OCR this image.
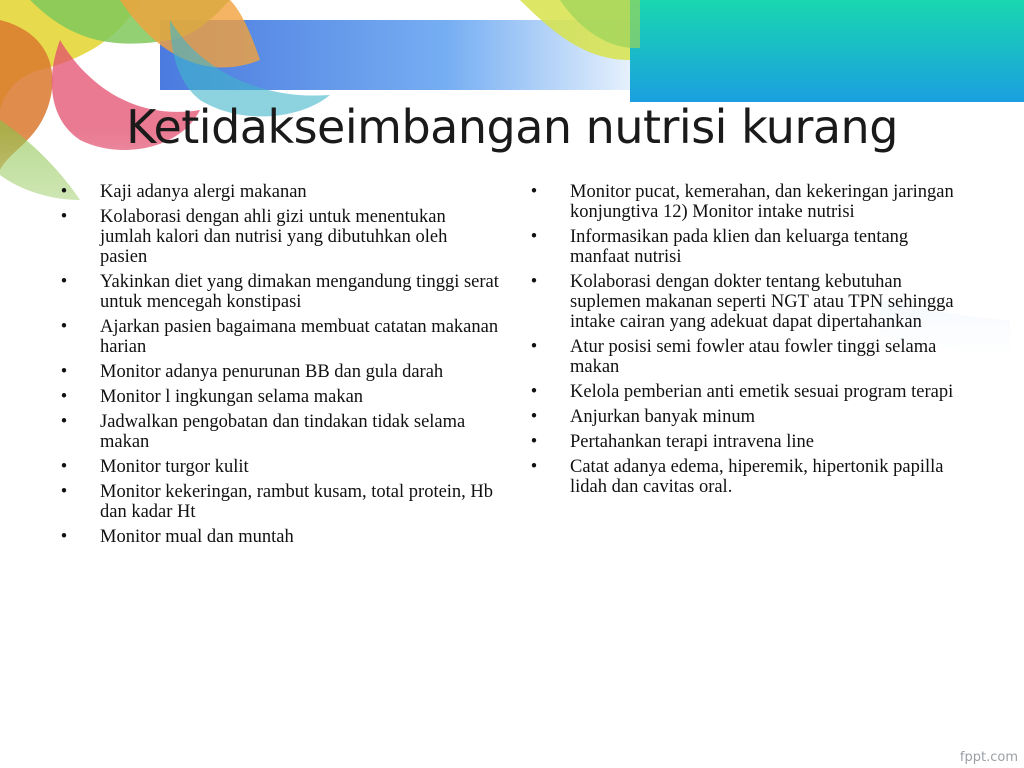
Ketidakseimbangan nutrisi kurang
• Kaji adanya alergi makanan
• Kolaborasi dengan ahli gizi untuk menentukan jumlah kalori dan nutrisi yang dibutuhkan oleh pasien
• Yakinkan diet yang dimakan mengandung tinggi serat untuk mencegah konstipasi
• Ajarkan pasien bagaimana membuat catatan makanan harian
• Monitor adanya penurunan BB dan gula darah
• Monitor l ingkungan selama makan
• Jadwalkan pengobatan dan tindakan tidak selama makan
• Monitor turgor kulit
• Monitor kekeringan, rambut kusam, total protein, Hb dan kadar Ht
• Monitor mual dan muntah
• Monitor pucat, kemerahan, dan kekeringan jaringan konjungtiva 12) Monitor intake nutrisi
• Informasikan pada klien dan keluarga tentang manfaat nutrisi
• Kolaborasi dengan dokter tentang kebutuhan suplemen makanan seperti NGT atau TPN sehingga intake cairan yang adekuat dapat dipertahankan
• Atur posisi semi fowler atau fowler tinggi selama makan
• Kelola pemberian anti emetik sesuai program terapi
• Anjurkan banyak minum
• Pertahankan terapi intravena line
• Catat adanya edema, hiperemik, hipertonik papilla lidah dan cavitas oral.
fppt.com
